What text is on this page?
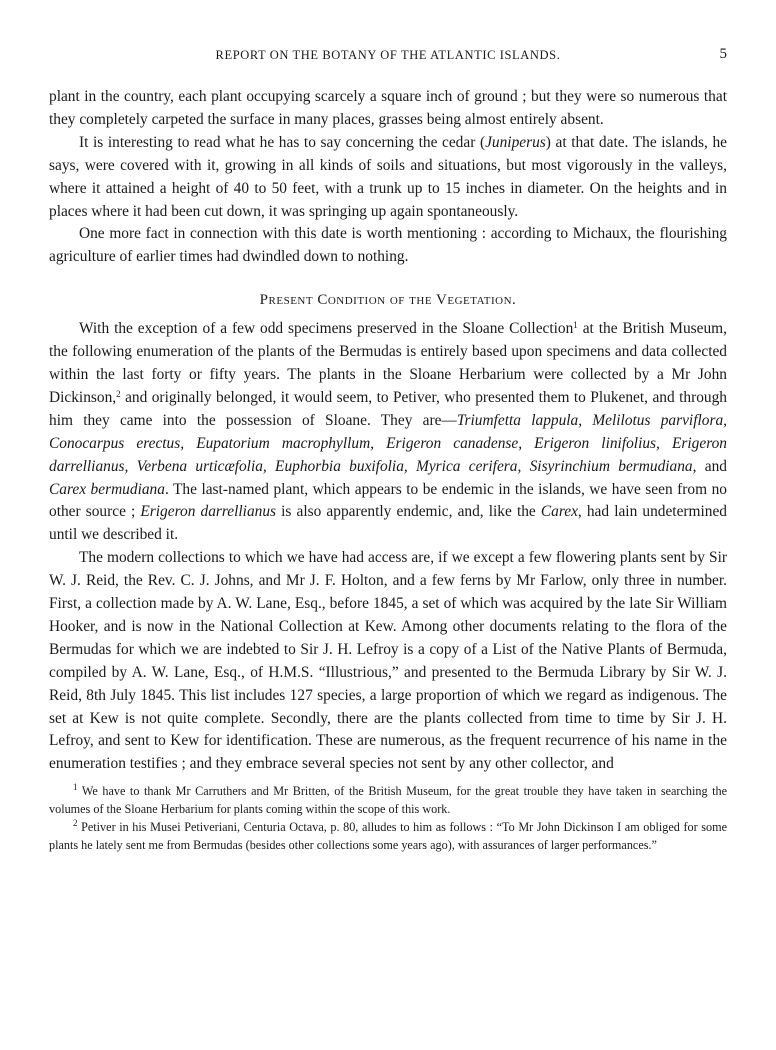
REPORT ON THE BOTANY OF THE ATLANTIC ISLANDS.	5

plant in the country, each plant occupying scarcely a square inch of ground ; but they were so numerous that they completely carpeted the surface in many places, grasses being almost entirely absent.

It is interesting to read what he has to say concerning the cedar (Juniperus) at that date. The islands, he says, were covered with it, growing in all kinds of soils and situations, but most vigorously in the valleys, where it attained a height of 40 to 50 feet, with a trunk up to 15 inches in diameter. On the heights and in places where it had been cut down, it was springing up again spontaneously.

One more fact in connection with this date is worth mentioning : according to Michaux, the flourishing agriculture of earlier times had dwindled down to nothing.

Present Condition of the Vegetation.

With the exception of a few odd specimens preserved in the Sloane Collection$^1$ at the British Museum, the following enumeration of the plants of the Bermudas is entirely based upon specimens and data collected within the last forty or fifty years. The plants in the Sloane Herbarium were collected by a Mr John Dickinson,$^2$ and originally belonged, it would seem, to Petiver, who presented them to Plukenet, and through him they came into the possession of Sloane. They are—Triumfetta lappula, Melilotus parviflora, Conocarpus erectus, Eupatorium macrophyllum, Erigeron canadense, Erigeron linifolius, Erigeron darrellianus, Verbena urticæfolia, Euphorbia buxifolia, Myrica cerifera, Sisyrinchium bermudiana, and Carex bermudiana. The last-named plant, which appears to be endemic in the islands, we have seen from no other source ; Erigeron darrellianus is also apparently endemic, and, like the Carex, had lain undetermined until we described it.

The modern collections to which we have had access are, if we except a few flowering plants sent by Sir W. J. Reid, the Rev. C. J. Johns, and Mr J. F. Holton, and a few ferns by Mr Farlow, only three in number. First, a collection made by A. W. Lane, Esq., before 1845, a set of which was acquired by the late Sir William Hooker, and is now in the National Collection at Kew. Among other documents relating to the flora of the Bermudas for which we are indebted to Sir J. H. Lefroy is a copy of a List of the Native Plants of Bermuda, compiled by A. W. Lane, Esq., of H.M.S. “Illustrious,” and presented to the Bermuda Library by Sir W. J. Reid, 8th July 1845. This list includes 127 species, a large proportion of which we regard as indigenous. The set at Kew is not quite complete. Secondly, there are the plants collected from time to time by Sir J. H. Lefroy, and sent to Kew for identification. These are numerous, as the frequent recurrence of his name in the enumeration testifies ; and they embrace several species not sent by any other collector, and

$^1$ We have to thank Mr Carruthers and Mr Britten, of the British Museum, for the great trouble they have taken in searching the volumes of the Sloane Herbarium for plants coming within the scope of this work.

$^2$ Petiver in his Musei Petiveriani, Centuria Octava, p. 80, alludes to him as follows : “To Mr John Dickinson I am obliged for some plants he lately sent me from Bermudas (besides other collections some years ago), with assurances of larger performances.”
